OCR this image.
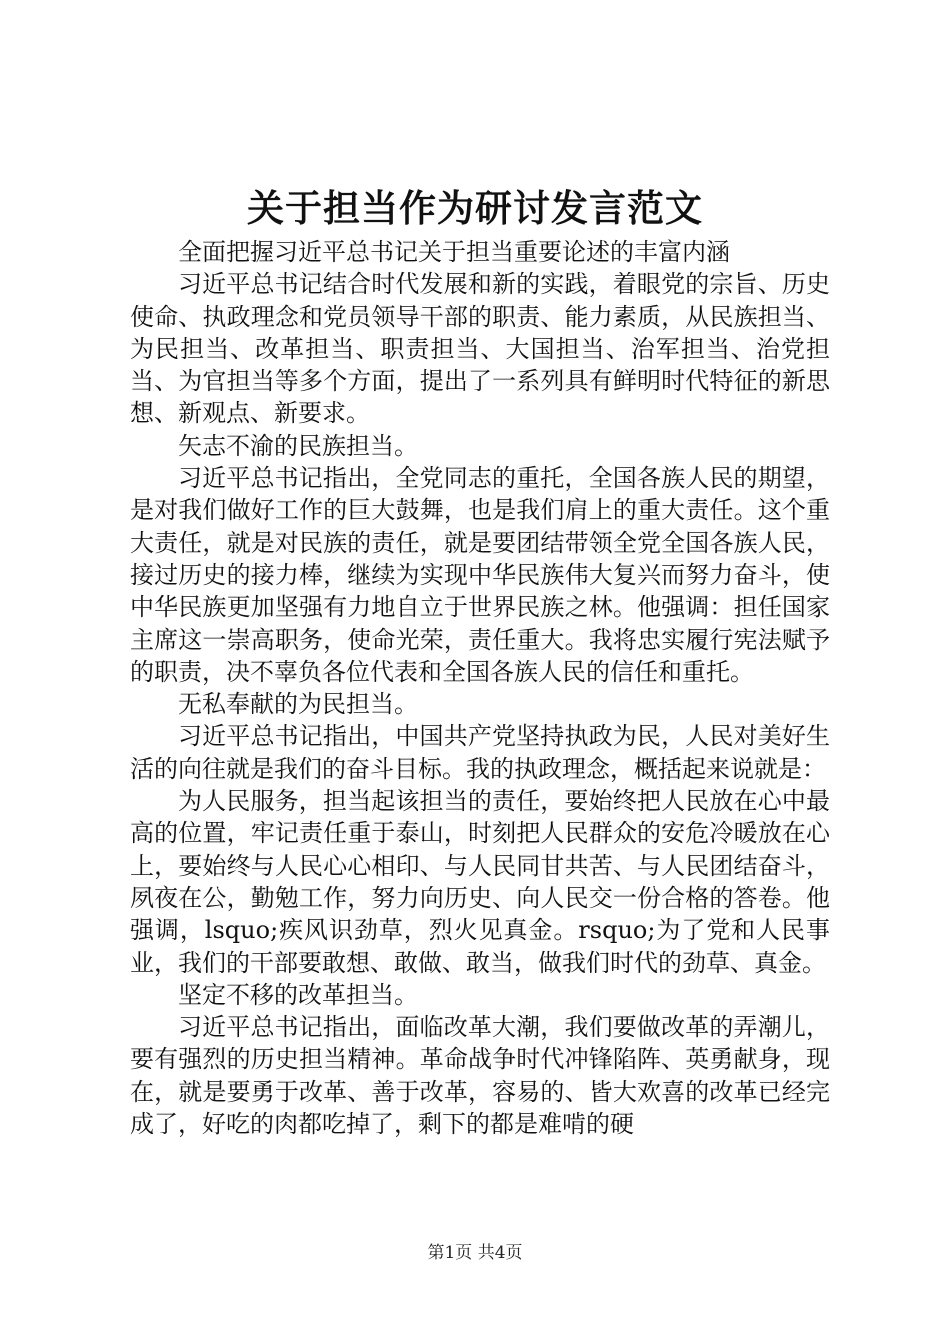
关于担当作为研讨发言范文

全面把握习近平总书记关于担当重要论述的丰富内涵

习近平总书记结合时代发展和新的实践，着眼党的宗旨、历史使命、执政理念和党员领导干部的职责、能力素质，从民族担当、为民担当、改革担当、职责担当、大国担当、治军担当、治党担当、为官担当等多个方面，提出了一系列具有鲜明时代特征的新思想、新观点、新要求。

矢志不渝的民族担当。

习近平总书记指出，全党同志的重托，全国各族人民的期望，是对我们做好工作的巨大鼓舞，也是我们肩上的重大责任。这个重大责任，就是对民族的责任，就是要团结带领全党全国各族人民，接过历史的接力棒，继续为实现中华民族伟大复兴而努力奋斗，使中华民族更加坚强有力地自立于世界民族之林。他强调：担任国家主席这一崇高职务，使命光荣，责任重大。我将忠实履行宪法赋予的职责，决不辜负各位代表和全国各族人民的信任和重托。

无私奉献的为民担当。

习近平总书记指出，中国共产党坚持执政为民，人民对美好生活的向往就是我们的奋斗目标。我的执政理念，概括起来说就是：

为人民服务，担当起该担当的责任，要始终把人民放在心中最高的位置，牢记责任重于泰山，时刻把人民群众的安危冷暖放在心上，要始终与人民心心相印、与人民同甘共苦、与人民团结奋斗，夙夜在公，勤勉工作，努力向历史、向人民交一份合格的答卷。他强调，lsquo;疾风识劲草，烈火见真金。rsquo;为了党和人民事业，我们的干部要敢想、敢做、敢当，做我们时代的劲草、真金。

坚定不移的改革担当。

习近平总书记指出，面临改革大潮，我们要做改革的弄潮儿，要有强烈的历史担当精神。革命战争时代冲锋陷阵、英勇献身，现在，就是要勇于改革、善于改革，容易的、皆大欢喜的改革已经完成了，好吃的肉都吃掉了，剩下的都是难啃的硬

第1页 共4页
